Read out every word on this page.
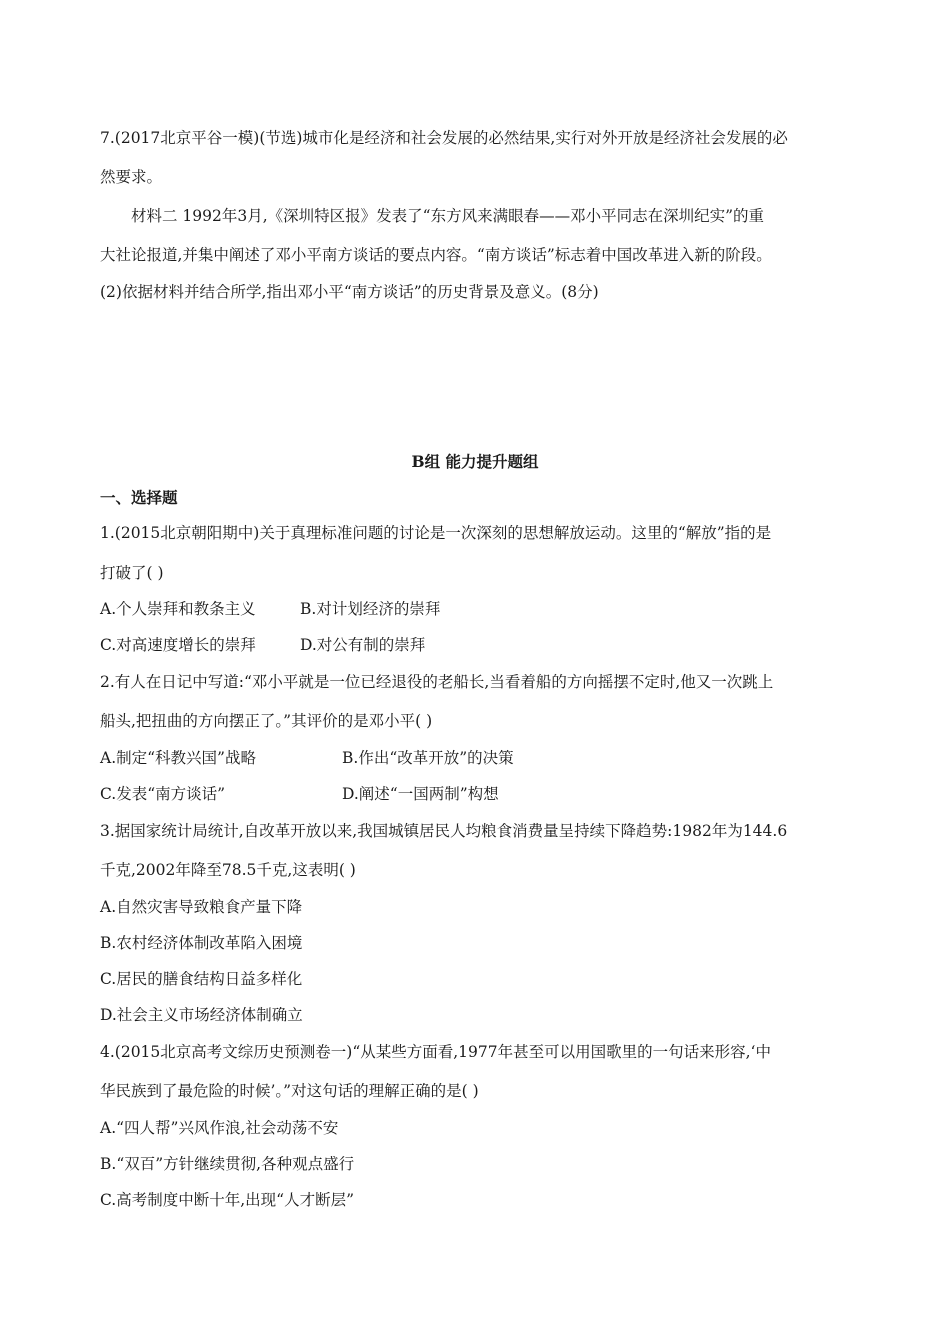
7.(2017北京平谷一模)(节选)城市化是经济和社会发展的必然结果,实行对外开放是经济社会发展的必
然要求。
材料二 1992年3月,《深圳特区报》发表了“东方风来满眼春——邓小平同志在深圳纪实”的重
大社论报道,并集中阐述了邓小平南方谈话的要点内容。“南方谈话”标志着中国改革进入新的阶段。
(2)依据材料并结合所学,指出邓小平“南方谈话”的历史背景及意义。(8分)
B组 能力提升题组
一、选择题
1.(2015北京朝阳期中)关于真理标准问题的讨论是一次深刻的思想解放运动。这里的“解放”指的是
打破了( )
A.个人崇拜和教条主义	B.对计划经济的崇拜
C.对高速度增长的崇拜	D.对公有制的崇拜
2.有人在日记中写道:“邓小平就是一位已经退役的老船长,当看着船的方向摇摆不定时,他又一次跳上
船头,把扭曲的方向摆正了。”其评价的是邓小平( )
A.制定“科教兴国”战略	B.作出“改革开放”的决策
C.发表“南方谈话”	D.阐述“一国两制”构想
3.据国家统计局统计,自改革开放以来,我国城镇居民人均粮食消费量呈持续下降趋势:1982年为144.6
千克,2002年降至78.5千克,这表明( )
A.自然灾害导致粮食产量下降
B.农村经济体制改革陷入困境
C.居民的膳食结构日益多样化
D.社会主义市场经济体制确立
4.(2015北京高考文综历史预测卷一)“从某些方面看,1977年甚至可以用国歌里的一句话来形容,‘中
华民族到了最危险的时候’。”对这句话的理解正确的是( )
A.“四人帮”兴风作浪,社会动荡不安
B.“双百”方针继续贯彻,各种观点盛行
C.高考制度中断十年,出现“人才断层”
